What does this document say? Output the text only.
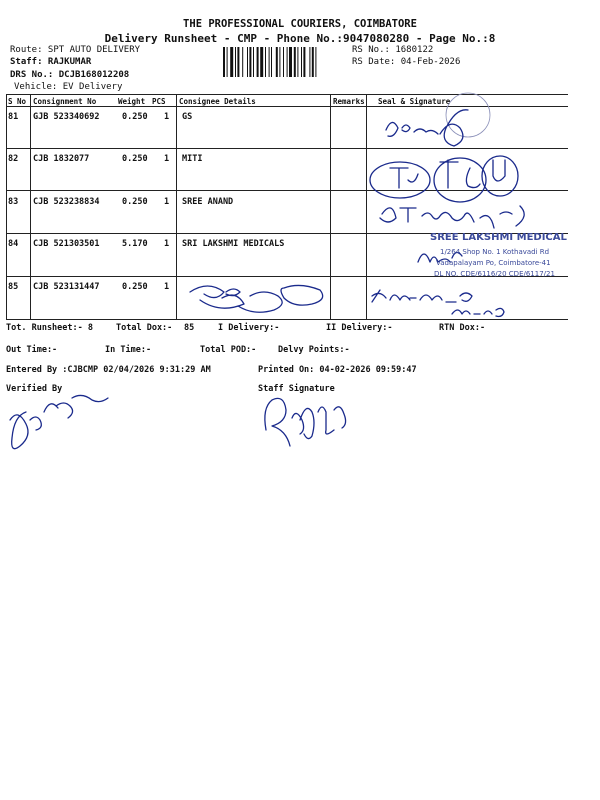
THE PROFESSIONAL COURIERS, COIMBATORE
Delivery Runsheet - CMP - Phone No.:9047080280 - Page No.:8
Route: SPT AUTO DELIVERY
Staff: RAJKUMAR
DRS No.: DCJB168012208
Vehicle: EV Delivery
RS No.: 1680122
RS Date: 04-Feb-2026
S No Consignment No	Weight PCS Consignee Details	Remarks Seal & Signature
81 GJB 523340692	0.250 1 GS
82 CJB 1832077	0.250 1 MITI
83 CJB 523238834	0.250 1 SREE ANAND
84 CJB 521303501	5.170 1 SRI LAKSHMI MEDICALS
85 CJB 523131447	0.250 1
Tot. Runsheet:- 8	Total Dox:- 85	I Delivery:-	II Delivery:-	RTN Dox:-
Out Time:-	In Time:-	Total POD:-	Delvy Points:-
Entered By :CJBCMP 02/04/2026 9:31:29 AM	Printed On: 04-02-2026 09:59:47
Verified By	Staff Signature
SREE LAKSHMI MEDICAL
1/264 Shop No. 1 Kothavadi Rd
Vadapalayam Po, Coimbatore-41
DL NO. CDE/6116/20 CDE/6117/21
